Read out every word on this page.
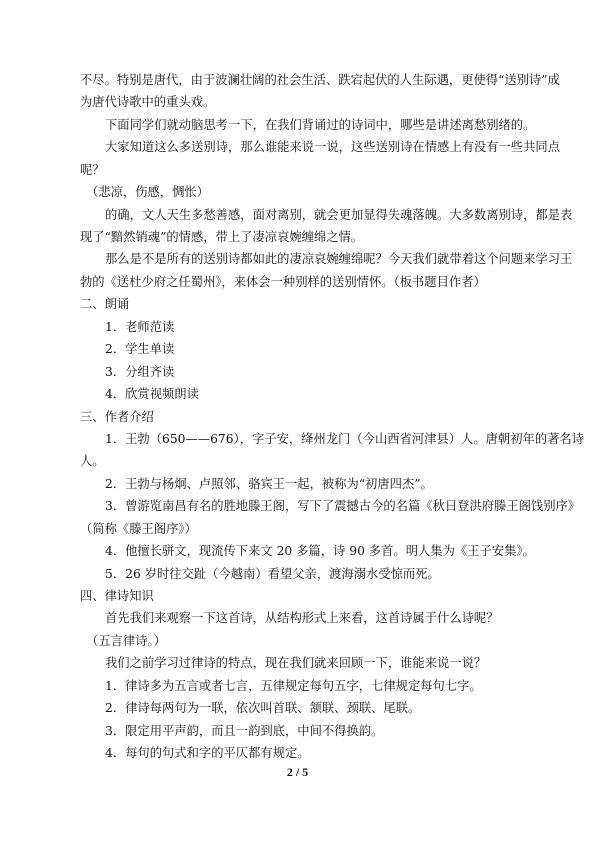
不尽。特别是唐代，由于波澜壮阔的社会生活、跌宕起伏的人生际遇，更使得“送别诗”成

为唐代诗歌中的重头戏。

下面同学们就动脑思考一下，在我们背诵过的诗词中，哪些是讲述离愁别绪的。

大家知道这么多送别诗，那么谁能来说一说，这些送别诗在情感上有没有一些共同点

呢？

（悲凉，伤感，惆怅）

的确，文人天生多愁善感，面对离别，就会更加显得失魂落魄。大多数离别诗，都是表

现了“黯然销魂”的情感，带上了凄凉哀婉缠绵之情。

那么是不是所有的送别诗都如此的凄凉哀婉缠绵呢？今天我们就带着这个问题来学习王

勃的《送杜少府之任蜀州》，来体会一种别样的送别情怀。（板书题目作者）

二、朗诵

1．老师范读

2．学生单读

3．分组齐读

4．欣赏视频朗读

三、作者介绍

1．王勃（650——676），字子安，绛州龙门（今山西省河津县）人。唐朝初年的著名诗

人。

2．王勃与杨炯、卢照邻、骆宾王一起，被称为“初唐四杰”。

3．曾游览南昌有名的胜地滕王阁，写下了震撼古今的名篇《秋日登洪府滕王阁饯别序》

（简称《滕王阁序》）

4．他擅长骈文，现流传下来文 20 多篇，诗 90 多首。明人集为《王子安集》。

5．26 岁时往交趾（今越南）看望父亲，渡海溺水受惊而死。

四、律诗知识

首先我们来观察一下这首诗，从结构形式上来看，这首诗属于什么诗呢？

（五言律诗。）

我们之前学习过律诗的特点，现在我们就来回顾一下，谁能来说一说？

1．律诗多为五言或者七言，五律规定每句五字，七律规定每句七字。

2．律诗每两句为一联，依次叫首联、颔联、颈联、尾联。

3．限定用平声韵，而且一韵到底，中间不得换韵。

4．每句的句式和字的平仄都有规定。

2 / 5
